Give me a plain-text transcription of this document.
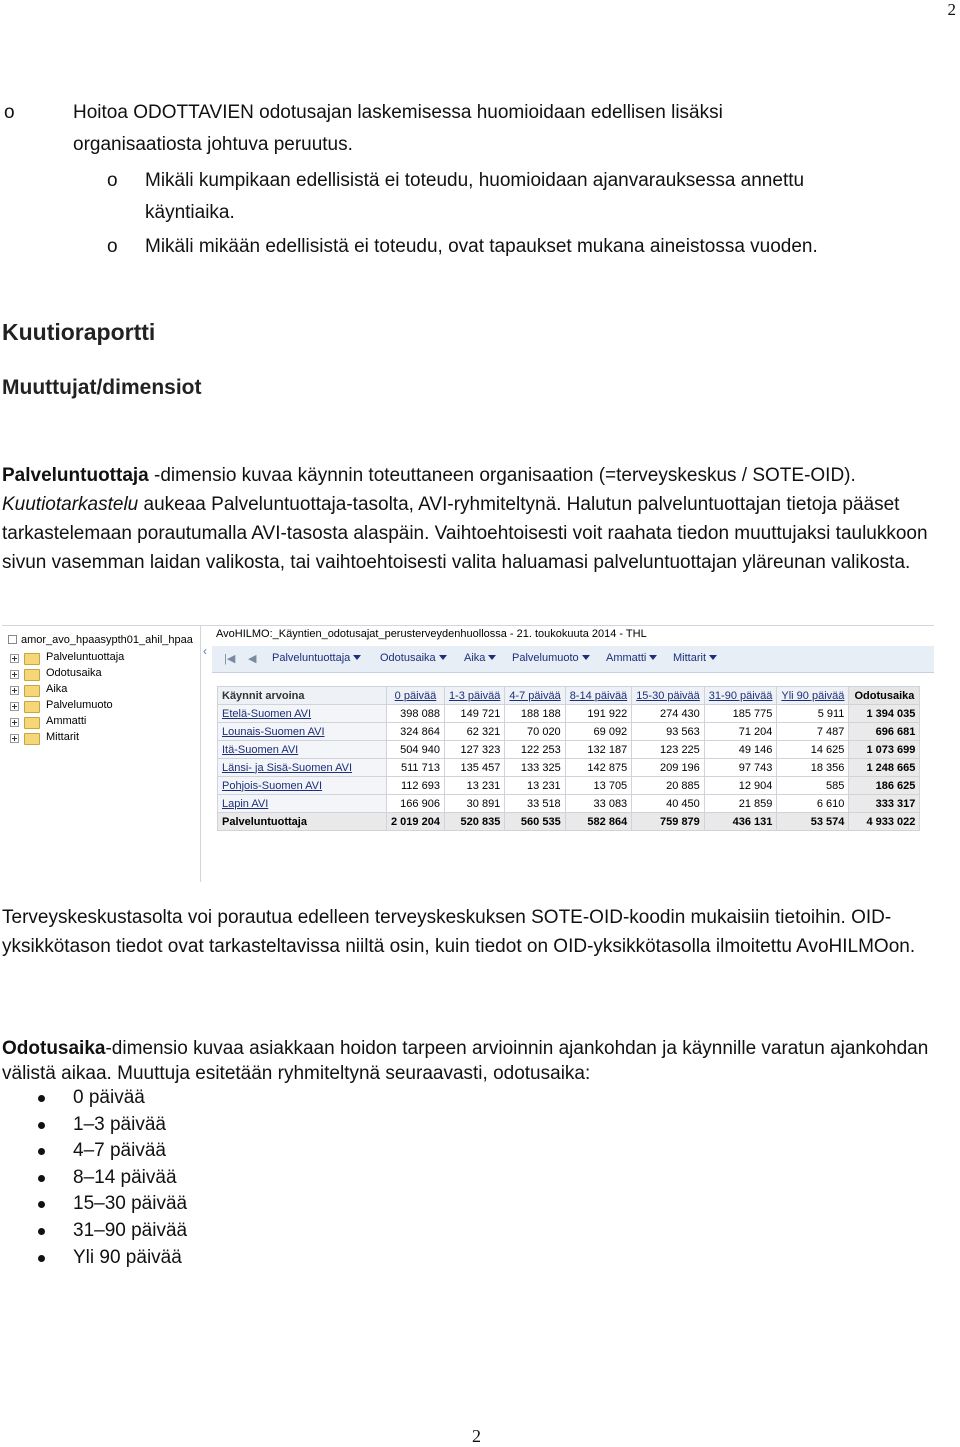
2
o	Hoitoa ODOTTAVIEN odotusajan laskemisessa huomioidaan edellisen lisäksi
organisaatiosta johtuva peruutus.
o Mikäli kumpikaan edellisistä ei toteudu, huomioidaan ajanvarauksessa annettu
käyntiaika.
o Mikäli mikään edellisistä ei toteudu, ovat tapaukset mukana aineistossa vuoden.
Kuutioraportti
Muuttujat/dimensiot
Palveluntuottaja -dimensio kuvaa käynnin toteuttaneen organisaation (=terveyskeskus / SOTE-OID). Kuutiotarkastelu aukeaa Palveluntuottaja-tasolta, AVI-ryhmiteltynä. Halutun palveluntuottajan tietoja pääset tarkastelemaan porautumalla AVI-tasosta alaspäin. Vaihtoehtoisesti voit raahata tiedon muuttujaksi taulukkoon sivun vasemman laidan valikosta, tai vaihtoehtoisesti valita haluamasi palveluntuottajan yläreunan valikosta.
amor_avo_hpaasypth01_ahil_hpaa
Palveluntuottaja
Odotusaika
Aika
Palvelumuoto
Ammatti
Mittarit
‹
AvoHILMO:_Käyntien_odotusajat_perusterveydenhuollossa - 21. toukokuuta 2014 - THL
|◀ ◀ Palveluntuottaja	Odotusaika	Aika	Palvelumuoto	Ammatti	Mittarit
Käynnit arvoina	0 päivää	1-3 päivää	4-7 päivää	8-14 päivää	15-30 päivää	31-90 päivää	Yli 90 päivää	Odotusaika
Etelä-Suomen AVI	398 088	149 721	188 188	191 922	274 430	185 775	5 911	1 394 035
Lounais-Suomen AVI	324 864	62 321	70 020	69 092	93 563	71 204	7 487	696 681
Itä-Suomen AVI	504 940	127 323	122 253	132 187	123 225	49 146	14 625	1 073 699
Länsi- ja Sisä-Suomen AVI	511 713	135 457	133 325	142 875	209 196	97 743	18 356	1 248 665
Pohjois-Suomen AVI	112 693	13 231	13 231	13 705	20 885	12 904	585	186 625
Lapin AVI	166 906	30 891	33 518	33 083	40 450	21 859	6 610	333 317
Palveluntuottaja	2 019 204	520 835	560 535	582 864	759 879	436 131	53 574	4 933 022
Terveyskeskustasolta voi porautua edelleen terveyskeskuksen SOTE-OID-koodin mukaisiin tietoihin. OID-yksikkötason tiedot ovat tarkasteltavissa niiltä osin, kuin tiedot on OID-yksikkötasolla ilmoitettu AvoHILMOon.
Odotusaika-dimensio kuvaa asiakkaan hoidon tarpeen arvioinnin ajankohdan ja käynnille varatun ajankohdan välistä aikaa. Muuttuja esitetään ryhmiteltynä seuraavasti, odotusaika:
0 päivää
1–3 päivää
4–7 päivää
8–14 päivää
15–30 päivää
31–90 päivää
Yli 90 päivää
2
